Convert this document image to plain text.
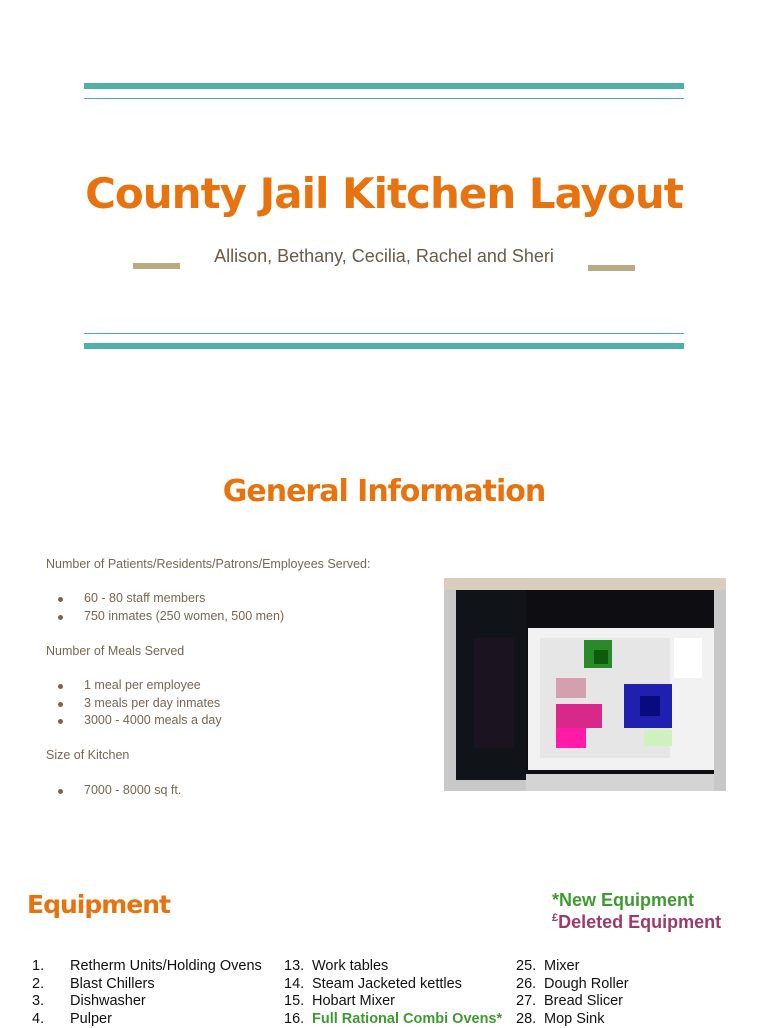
County Jail Kitchen Layout
Allison, Bethany, Cecilia, Rachel and Sheri
General Information
Number of Patients/Residents/Patrons/Employees Served:
60 - 80 staff members
750 inmates (250 women, 500 men)
Number of Meals Served
1 meal per employee
3 meals per day inmates
3000 - 4000 meals a day
Size of Kitchen
7000 - 8000 sq ft.
Equipment	*New Equipment
£Deleted Equipment
1. Retherm Units/Holding Ovens
2. Blast Chillers
3. Dishwasher
4. Pulper
13. Work tables
14. Steam Jacketed kettles
15. Hobart Mixer
16. Full Rational Combi Ovens*
25. Mixer
26. Dough Roller
27. Bread Slicer
28. Mop Sink
